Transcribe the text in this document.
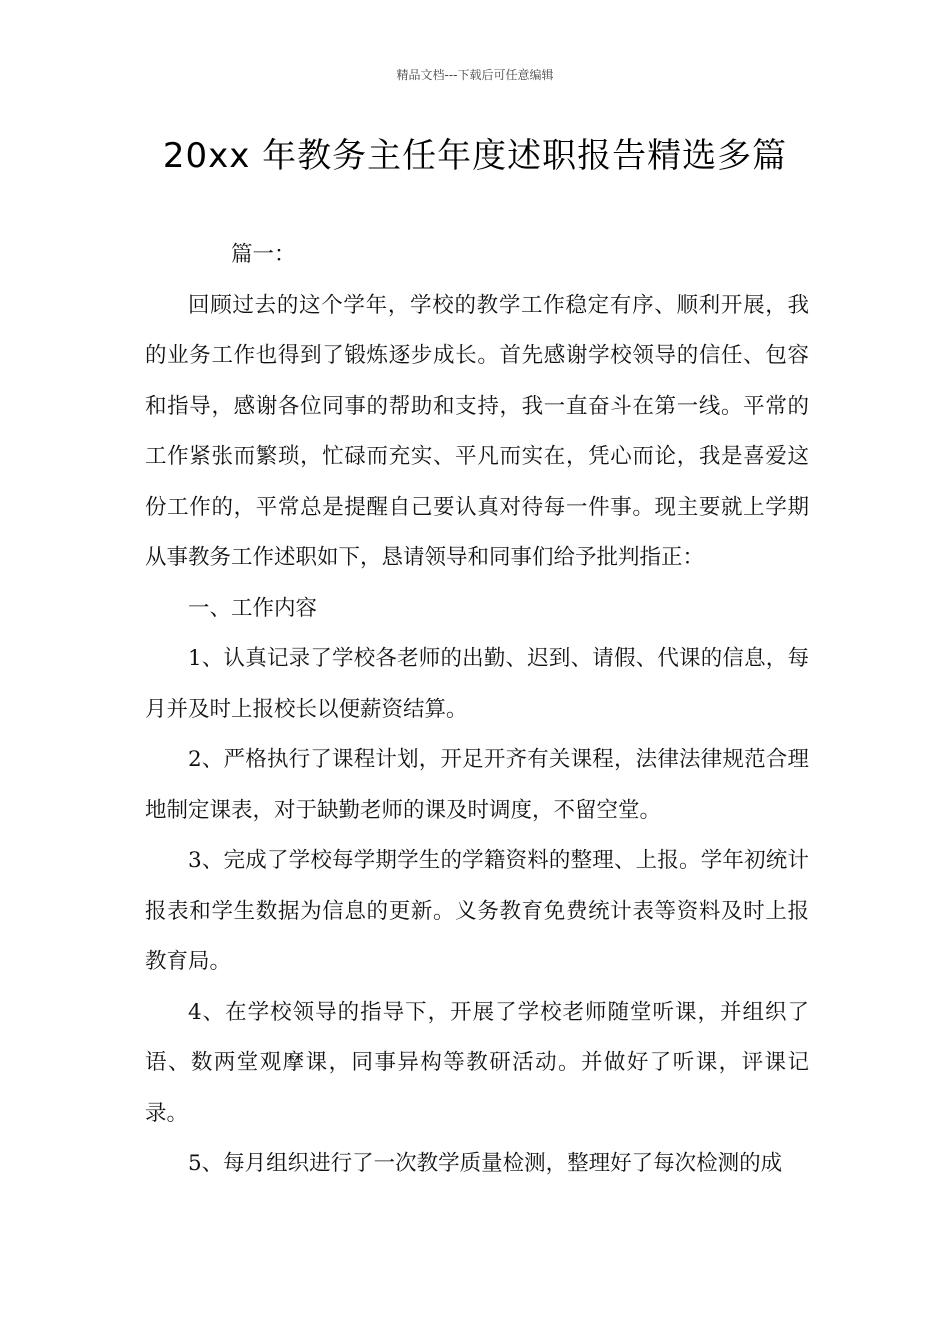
精品文档---下载后可任意编辑
20xx 年教务主任年度述职报告精选多篇

篇一：

回顾过去的这个学年，学校的教学工作稳定有序、顺利开展，我的业务工作也得到了锻炼逐步成长。首先感谢学校领导的信任、包容和指导，感谢各位同事的帮助和支持，我一直奋斗在第一线。平常的工作紧张而繁琐，忙碌而充实、平凡而实在，凭心而论，我是喜爱这份工作的，平常总是提醒自己要认真对待每一件事。现主要就上学期从事教务工作述职如下，恳请领导和同事们给予批判指正：

一、工作内容

1、认真记录了学校各老师的出勤、迟到、请假、代课的信息，每月并及时上报校长以便薪资结算。

2、严格执行了课程计划，开足开齐有关课程，法律法律规范合理地制定课表，对于缺勤老师的课及时调度，不留空堂。

3、完成了学校每学期学生的学籍资料的整理、上报。学年初统计报表和学生数据为信息的更新。义务教育免费统计表等资料及时上报教育局。

4、在学校领导的指导下，开展了学校老师随堂听课，并组织了语、数两堂观摩课，同事异构等教研活动。并做好了听课，评课记录。

5、每月组织进行了一次教学质量检测，整理好了每次检测的成
